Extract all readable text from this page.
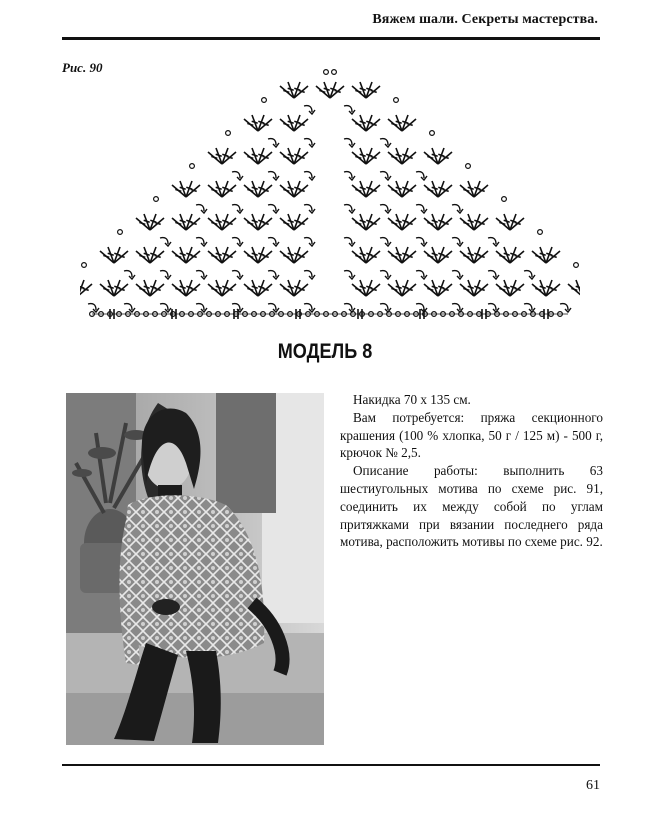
Вяжем шали. Секреты мастерства.
Рис. 90
МОДЕЛЬ 8

Накидка 70 х 135 см.

Вам потребуется: пряжа секционного крашения (100 % хлопка, 50 г / 125 м) - 500 г, крючок № 2,5.

Описание работы: выполнить 63 шестиугольных мотива по схеме рис. 91, соединить их между собой по углам притяжками при вязании последнего ряда мотива, расположить мотивы по схеме рис. 92.

61
